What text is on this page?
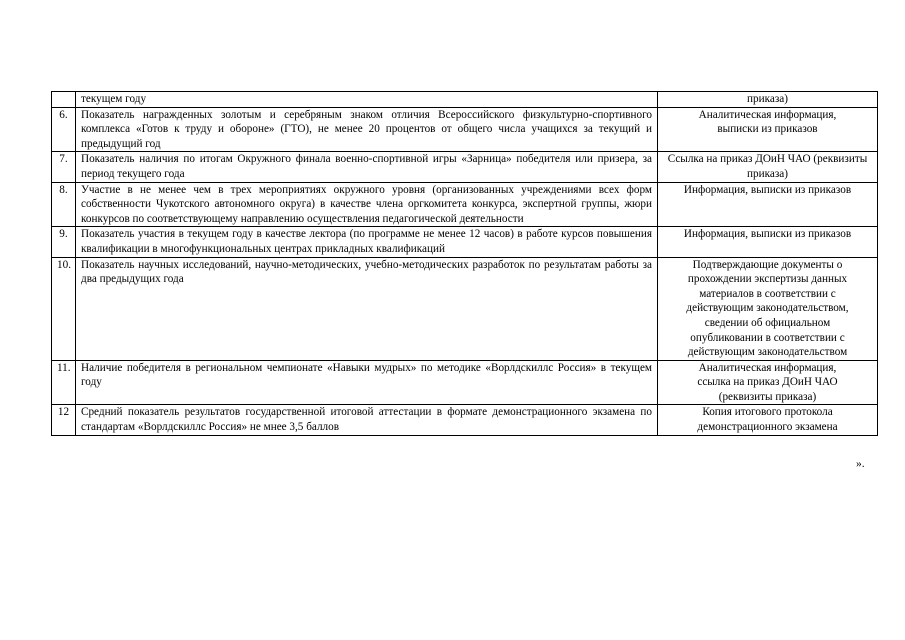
	текущем году	приказа)
6.	Показатель награжденных золотым и серебряным знаком отличия Всероссийского физкультурно-спортивного комплекса «Готов к труду и обороне» (ГТО), не менее 20 процентов от общего числа учащихся за текущий и предыдущий год	Аналитическая информация, выписки из приказов
7.	Показатель наличия по итогам Окружного финала военно-спортивной игры «Зарница» победителя или призера, за период текущего года	Ссылка на приказ ДОиН ЧАО (реквизиты приказа)
8.	Участие в не менее чем в трех мероприятиях окружного уровня (организованных учреждениями всех форм собственности Чукотского автономного округа) в качестве члена оргкомитета конкурса, экспертной группы, жюри конкурсов по соответствующему направлению осуществления педагогической деятельности	Информация, выписки из приказов
9.	Показатель участия в текущем году в качестве лектора (по программе не менее 12 часов) в работе курсов повышения квалификации в многофункциональных центрах прикладных квалификаций	Информация, выписки из приказов
10.	Показатель научных исследований, научно-методических, учебно-методических разработок по результатам работы за два предыдущих года	Подтверждающие документы о прохождении экспертизы данных материалов в соответствии с действующим законодательством, сведении об официальном опубликовании в соответствии с действующим законодательством
11.	Наличие победителя в региональном чемпионате «Навыки мудрых» по методике «Ворлдскиллс Россия» в текущем году	Аналитическая информация, ссылка на приказ ДОиН ЧАО (реквизиты приказа)
12	Средний показатель результатов государственной итоговой аттестации в формате демонстрационного экзамена по стандартам «Ворлдскиллс Россия» не мнее 3,5 баллов	Копия итогового протокола демонстрационного экзамена
».
